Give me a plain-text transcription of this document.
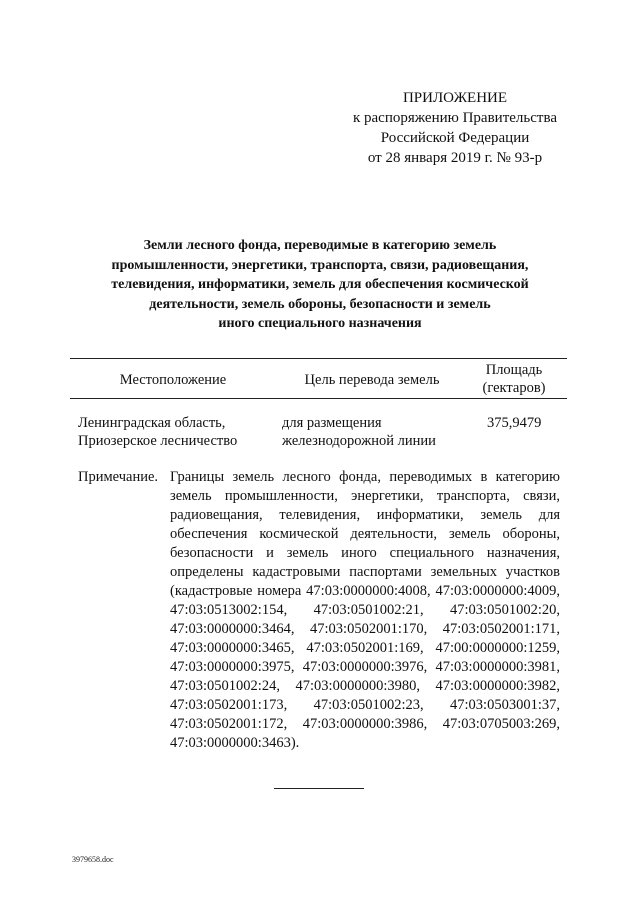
ПРИЛОЖЕНИЕ
к распоряжению Правительства
Российской Федерации
от 28 января 2019 г. № 93-р
Земли лесного фонда, переводимые в категорию земель
промышленности, энергетики, транспорта, связи, радиовещания,
телевидения, информатики, земель для обеспечения космической
деятельности, земель обороны, безопасности и земель
иного специального назначения
Местоположение	Цель перевода земель
Площадь
(гектаров)
Ленинградская область,
Приозерское лесничество
для размещения
железнодорожной линии
375,9479
Примечание. Границы земель лесного фонда, переводимых в категорию земель промышленности, энергетики, транспорта, связи, радиовещания, телевидения, информатики, земель для обеспечения космической деятельности, земель обороны, безопасности и земель иного специального назначения, определены кадастровыми паспортами земельных участков (кадастровые номера 47:03:0000000:4008, 47:03:0000000:4009, 47:03:0513002:154, 47:03:0501002:21, 47:03:0501002:20, 47:03:0000000:3464, 47:03:0502001:170, 47:03:0502001:171, 47:03:0000000:3465, 47:03:0502001:169, 47:00:0000000:1259, 47:03:0000000:3975, 47:03:0000000:3976, 47:03:0000000:3981, 47:03:0501002:24, 47:03:0000000:3980, 47:03:0000000:3982, 47:03:0502001:173, 47:03:0501002:23, 47:03:0503001:37, 47:03:0502001:172, 47:03:0000000:3986, 47:03:0705003:269, 47:03:0000000:3463).
3979658.doc
